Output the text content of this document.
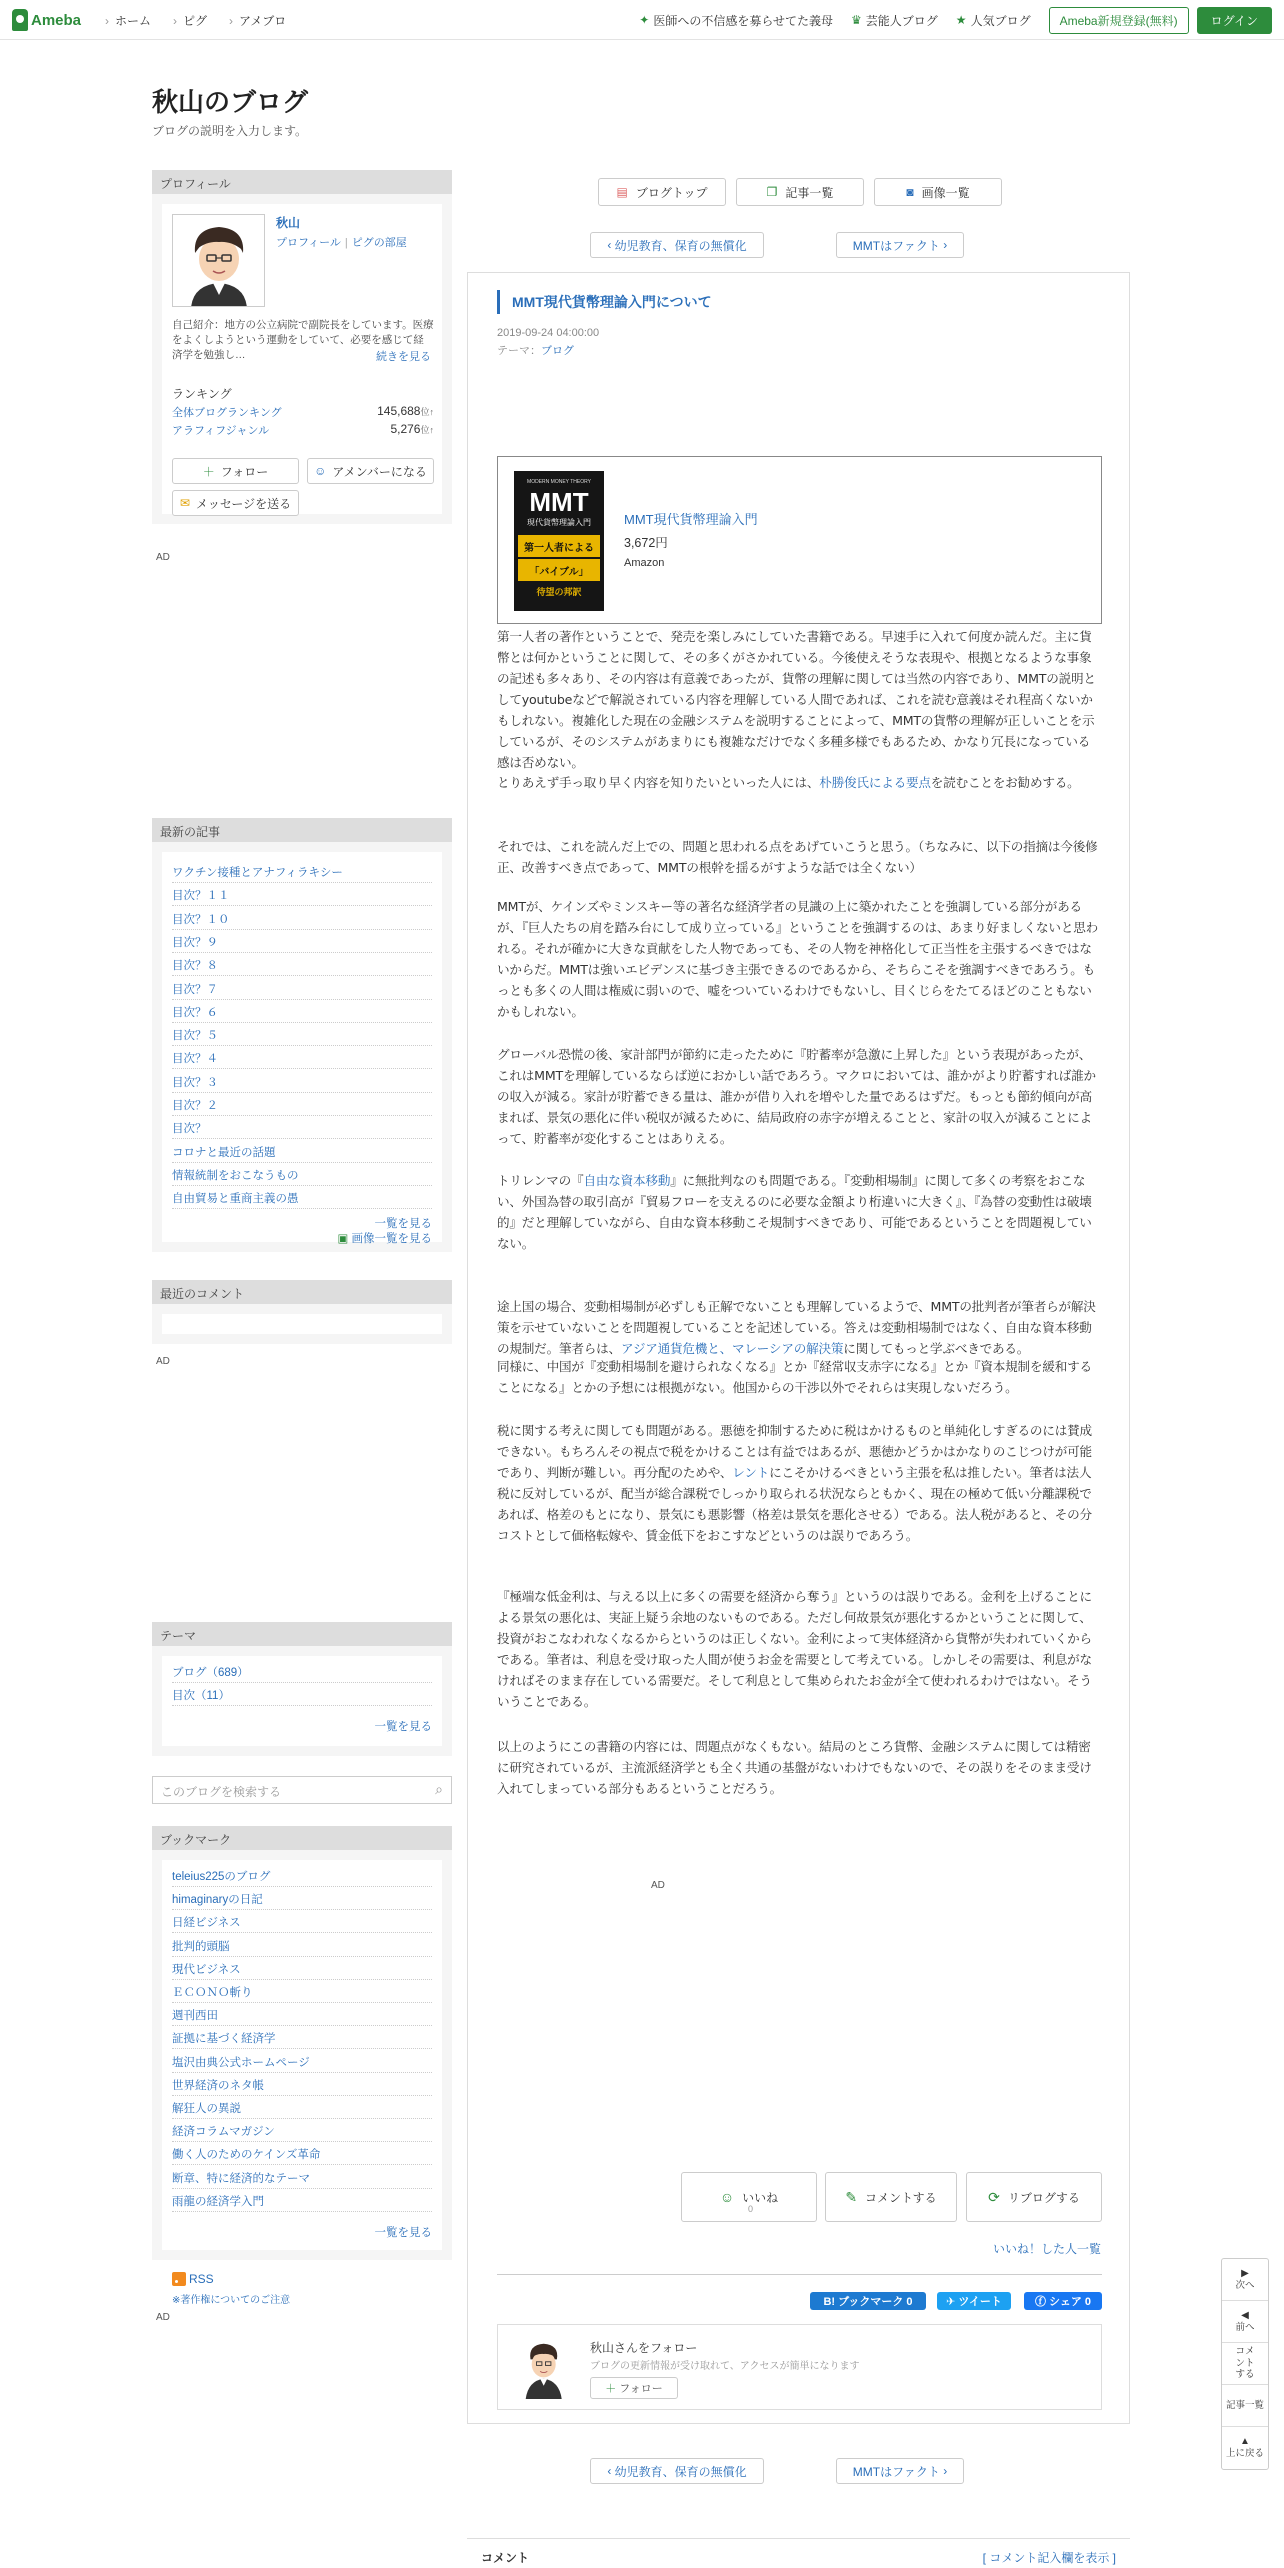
Ameba	› ホーム	› ピグ	› アメブロ	✦ 医師への不信感を募らせてた義母 ♛ 芸能人ブログ ★ 人気ブログ	Ameba新規登録(無料)	ログイン
秋山のブログ
ブログの説明を入力します。
プロフィール
秋山
プロフィール | ピグの部屋
自己紹介：地方の公立病院で副院長をしています。医療をよくしようという運動をしていて、必要を感じて経済学を勉強し…	続きを見る
ランキング
全体ブログランキング	145,688位↑
アラフィフジャンル	5,276位↑
＋ フォロー	☺ アメンバーになる
✉ メッセージを送る
AD
最新の記事
ワクチン接種とアナフィラキシー
目次？１１
目次？１０
目次？９
目次？８
目次？７
目次？６
目次？５
目次？４
目次？３
目次？２
目次？
コロナと最近の話題
情報統制をおこなうもの
自由貿易と重商主義の愚
一覧を見る
▣ 画像一覧を見る
最近のコメント
AD
テーマ
ブログ（689）
目次（11）
一覧を見る
このブログを検索する	⌕
ブックマーク
teleius225のブログ
himaginaryの日記
日経ビジネス
批判的頭脳
現代ビジネス
ＥＣＯＮＯ斬り
週刊西田
証拠に基づく経済学
塩沢由典公式ホームページ
世界経済のネタ帳
解狂人の異説
経済コラムマガジン
働く人のためのケインズ革命
断章、特に経済的なテーマ
雨龍の経済学入門
一覧を見る
RSS
※著作権についてのご注意
AD
▤ ブログトップ	❐ 記事一覧	◙ 画像一覧
‹ 幼児教育、保育の無償化	MMTはファクト ›
MMT現代貨幣理論入門について
2019-09-24 04:00:00
テーマ：ブログ
MODERN MONEY THEORY
MMT
現代貨幣理論入門
第一人者による
「バイブル」
待望の邦訳
MMT現代貨幣理論入門
3,672円
Amazon
第一人者の著作ということで、発売を楽しみにしていた書籍である。早速手に入れて何度か読んだ。主に貨幣とは何かということに関して、その多くがさかれている。今後使えそうな表現や、根拠となるような事象の記述も多々あり、その内容は有意義であったが、貨幣の理解に関しては当然の内容であり、MMTの説明としてyoutubeなどで解説されている内容を理解している人間であれば、これを読む意義はそれ程高くないかもしれない。複雑化した現在の金融システムを説明することによって、MMTの貨幣の理解が正しいことを示しているが、そのシステムがあまりにも複雑なだけでなく多種多様でもあるため、かなり冗長になっている感は否めない。
とりあえず手っ取り早く内容を知りたいといった人には、朴勝俊氏による要点を読むことをお勧めする。
それでは、これを読んだ上での、問題と思われる点をあげていこうと思う。（ちなみに、以下の指摘は今後修正、改善すべき点であって、MMTの根幹を揺るがすような話では全くない）
MMTが、ケインズやミンスキー等の著名な経済学者の見識の上に築かれたことを強調している部分があるが、『巨人たちの肩を踏み台にして成り立っている』ということを強調するのは、あまり好ましくないと思われる。それが確かに大きな貢献をした人物であっても、その人物を神格化して正当性を主張するべきではないからだ。MMTは強いエビデンスに基づき主張できるのであるから、そちらこそを強調すべきであろう。もっとも多くの人間は権威に弱いので、嘘をついているわけでもないし、目くじらをたてるほどのこともないかもしれない。
グローバル恐慌の後、家計部門が節約に走ったために『貯蓄率が急激に上昇した』という表現があったが、これはMMTを理解しているならば逆におかしい話であろう。マクロにおいては、誰かがより貯蓄すれば誰かの収入が減る。家計が貯蓄できる量は、誰かが借り入れを増やした量であるはずだ。もっとも節約傾向が高まれば、景気の悪化に伴い税収が減るために、結局政府の赤字が増えることと、家計の収入が減ることによって、貯蓄率が変化することはありえる。
トリレンマの『自由な資本移動』に無批判なのも問題である。『変動相場制』に関して多くの考察をおこない、外国為替の取引高が『貿易フローを支えるのに必要な金額より桁違いに大きく』、『為替の変動性は破壊的』だと理解していながら、自由な資本移動こそ規制すべきであり、可能であるということを問題視していない。
途上国の場合、変動相場制が必ずしも正解でないことも理解しているようで、MMTの批判者が筆者らが解決策を示せていないことを問題視していることを記述している。答えは変動相場制ではなく、自由な資本移動の規制だ。筆者らは、アジア通貨危機と、マレーシアの解決策に関してもっと学ぶべきである。
同様に、中国が『変動相場制を避けられなくなる』とか『経常収支赤字になる』とか『資本規制を緩和することになる』とかの予想には根拠がない。他国からの干渉以外でそれらは実現しないだろう。
税に関する考えに関しても問題がある。悪徳を抑制するために税はかけるものと単純化しすぎるのには賛成できない。もちろんその視点で税をかけることは有益ではあるが、悪徳かどうかはかなりのこじつけが可能であり、判断が難しい。再分配のためや、レントにこそかけるべきという主張を私は推したい。筆者は法人税に反対しているが、配当が総合課税でしっかり取られる状況ならともかく、現在の極めて低い分離課税であれば、格差のもとになり、景気にも悪影響（格差は景気を悪化させる）である。法人税があると、その分コストとして価格転嫁や、賃金低下をおこすなどというのは誤りであろう。
『極端な低金利は、与える以上に多くの需要を経済から奪う』というのは誤りである。金利を上げることによる景気の悪化は、実証上疑う余地のないものである。ただし何故景気が悪化するかということに関して、投資がおこなわれなくなるからというのは正しくない。金利によって実体経済から貨幣が失われていくからである。筆者は、利息を受け取った人間が使うお金を需要として考えている。しかしその需要は、利息がなければそのまま存在している需要だ。そして利息として集められたお金が全て使われるわけではない。そういうことである。
以上のようにこの書籍の内容には、問題点がなくもない。結局のところ貨幣、金融システムに関しては精密に研究されているが、主流派経済学とも全く共通の基盤がないわけでもないので、その誤りをそのまま受け入れてしまっている部分もあるということだろう。
AD
☺ いいね
0
✎ コメントする	⟳ リブログする
いいね！した人一覧
B! ブックマーク 0	✈ ツイート	ⓕ シェア 0
秋山さんをフォロー
ブログの更新情報が受け取れて、アクセスが簡単になります
＋ フォロー
‹ 幼児教育、保育の無償化	MMTはファクト ›
コメント	[ コメント記入欄を表示 ]
▶
次へ
◀
前へ
コメントする
記事一覧
▲
上に戻る
